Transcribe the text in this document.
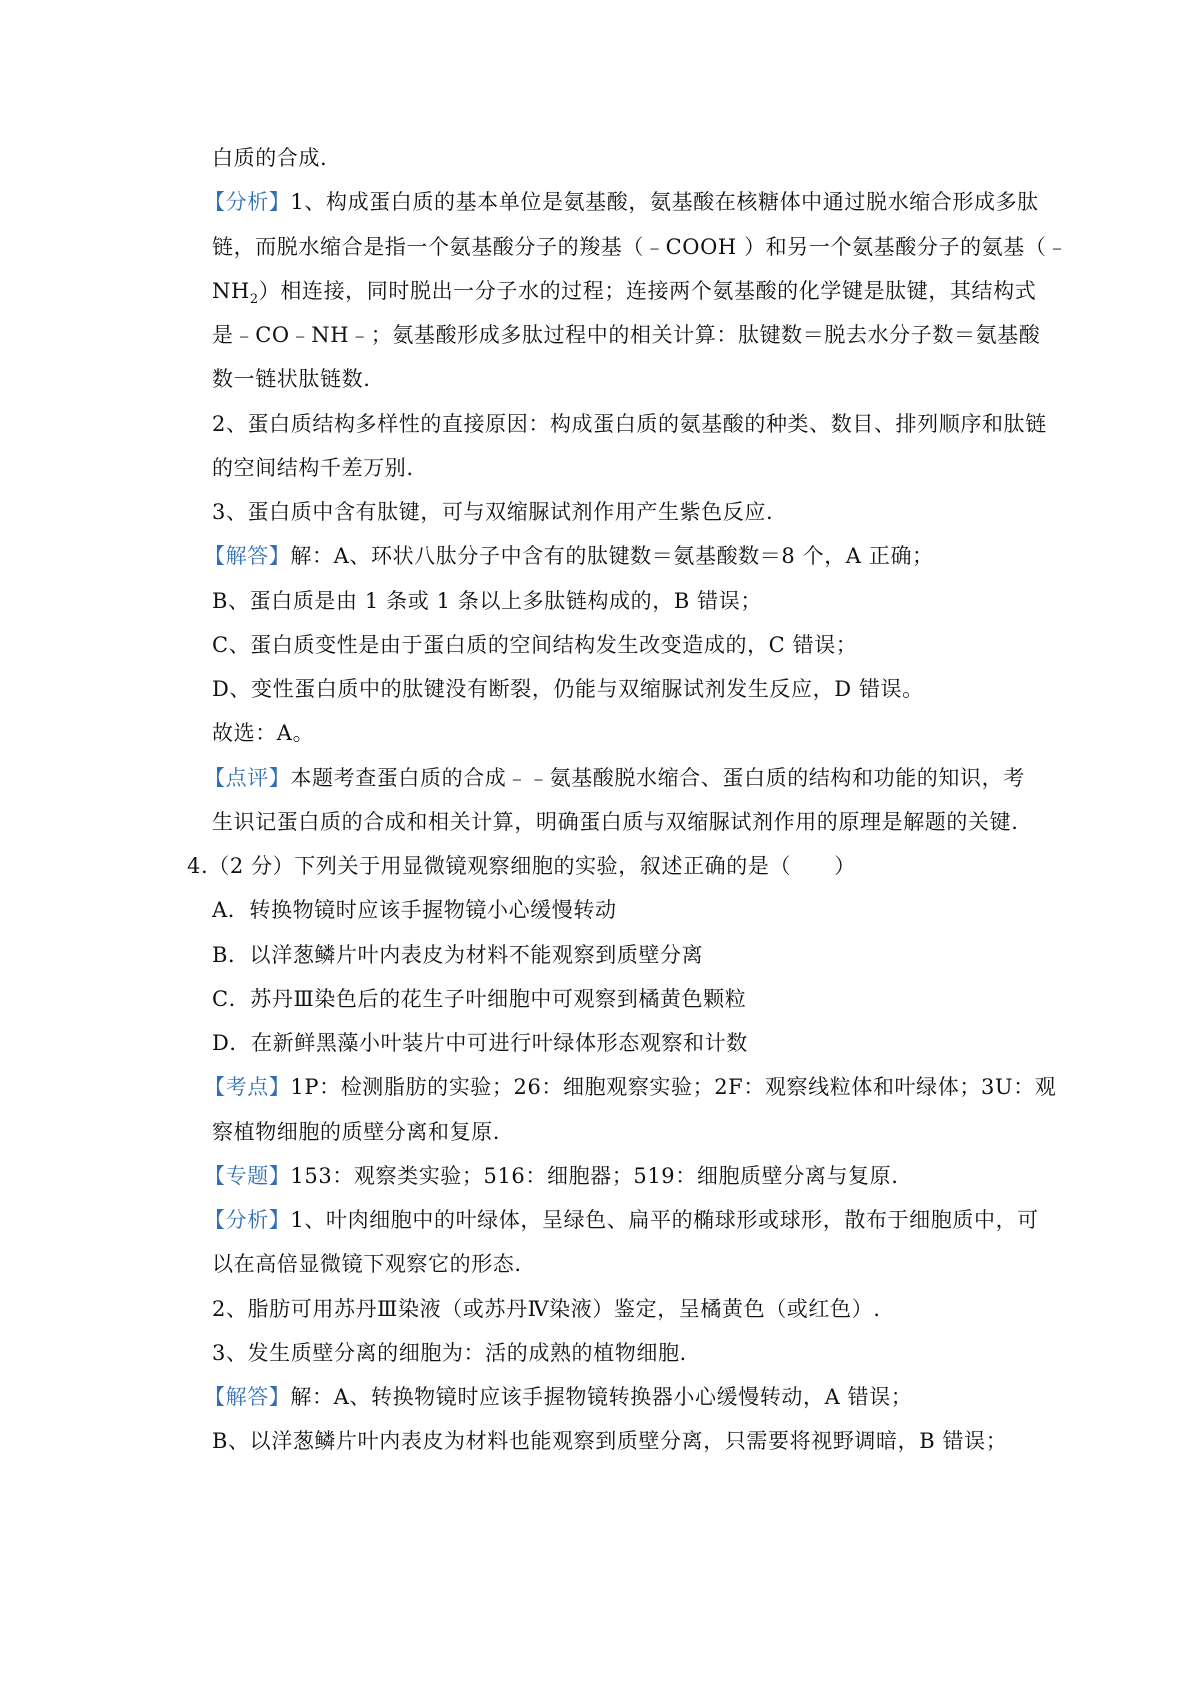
白质的合成.
【分析】1、构成蛋白质的基本单位是氨基酸，氨基酸在核糖体中通过脱水缩合形成多肽
链，而脱水缩合是指一个氨基酸分子的羧基（﹣COOH ）和另一个氨基酸分子的氨基（﹣
$NH_2$）相连接，同时脱出一分子水的过程；连接两个氨基酸的化学键是肽键，其结构式
是﹣CO﹣NH﹣；氨基酸形成多肽过程中的相关计算：肽键数＝脱去水分子数＝氨基酸
数一链状肽链数.
2、蛋白质结构多样性的直接原因：构成蛋白质的氨基酸的种类、数目、排列顺序和肽链
的空间结构千差万别.
3、蛋白质中含有肽键，可与双缩脲试剂作用产生紫色反应.
【解答】解：A、环状八肽分子中含有的肽键数＝氨基酸数＝8 个，A 正确；
B、蛋白质是由 1 条或 1 条以上多肽链构成的，B 错误；
C、蛋白质变性是由于蛋白质的空间结构发生改变造成的，C 错误；
D、变性蛋白质中的肽键没有断裂，仍能与双缩脲试剂发生反应，D 错误。
故选：A。
【点评】本题考查蛋白质的合成﹣﹣氨基酸脱水缩合、蛋白质的结构和功能的知识，考
生识记蛋白质的合成和相关计算，明确蛋白质与双缩脲试剂作用的原理是解题的关键.
4.（2 分）下列关于用显微镜观察细胞的实验，叙述正确的是（　　）
A．转换物镜时应该手握物镜小心缓慢转动
B．以洋葱鳞片叶内表皮为材料不能观察到质壁分离
C．苏丹Ⅲ染色后的花生子叶细胞中可观察到橘黄色颗粒
D．在新鲜黑藻小叶装片中可进行叶绿体形态观察和计数
【考点】1P：检测脂肪的实验；26：细胞观察实验；2F：观察线粒体和叶绿体；3U：观
察植物细胞的质壁分离和复原.
【专题】153：观察类实验；516：细胞器；519：细胞质壁分离与复原.
【分析】1、叶肉细胞中的叶绿体，呈绿色、扁平的椭球形或球形，散布于细胞质中，可
以在高倍显微镜下观察它的形态.
2、脂肪可用苏丹Ⅲ染液（或苏丹Ⅳ染液）鉴定，呈橘黄色（或红色）.
3、发生质壁分离的细胞为：活的成熟的植物细胞.
【解答】解：A、转换物镜时应该手握物镜转换器小心缓慢转动，A 错误；
B、以洋葱鳞片叶内表皮为材料也能观察到质壁分离，只需要将视野调暗，B 错误；
